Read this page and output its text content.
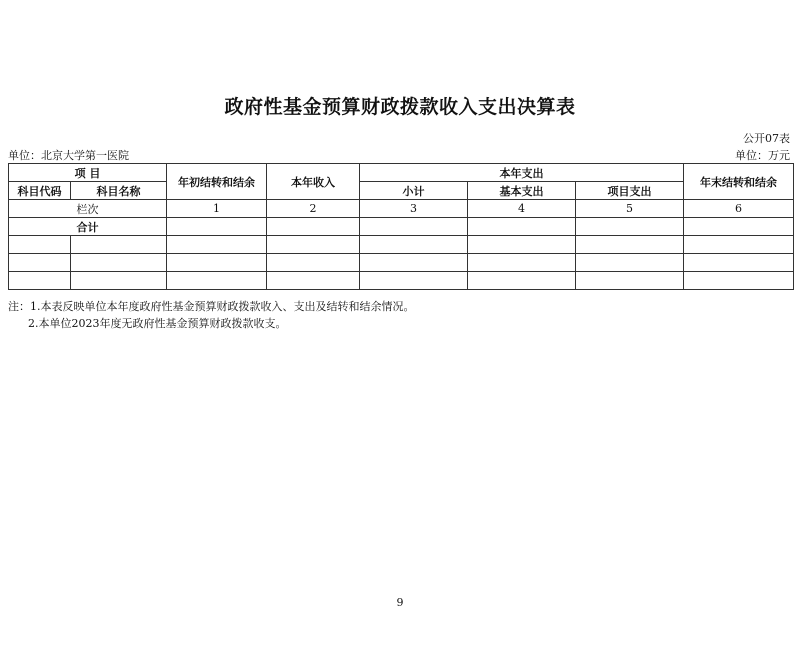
政府性基金预算财政拨款收入支出决算表
公开07表
单位：北京大学第一医院	单位：万元
项 目		年初结转和结余	本年收入	本年支出			年末结转和结余
科目代码	科目名称			小计	基本支出	项目支出	
栏次		1	2	3	4	5	6
合计							

注：1.本表反映单位本年度政府性基金预算财政拨款收入、支出及结转和结余情况。
2.本单位2023年度无政府性基金预算财政拨款收支。
9
